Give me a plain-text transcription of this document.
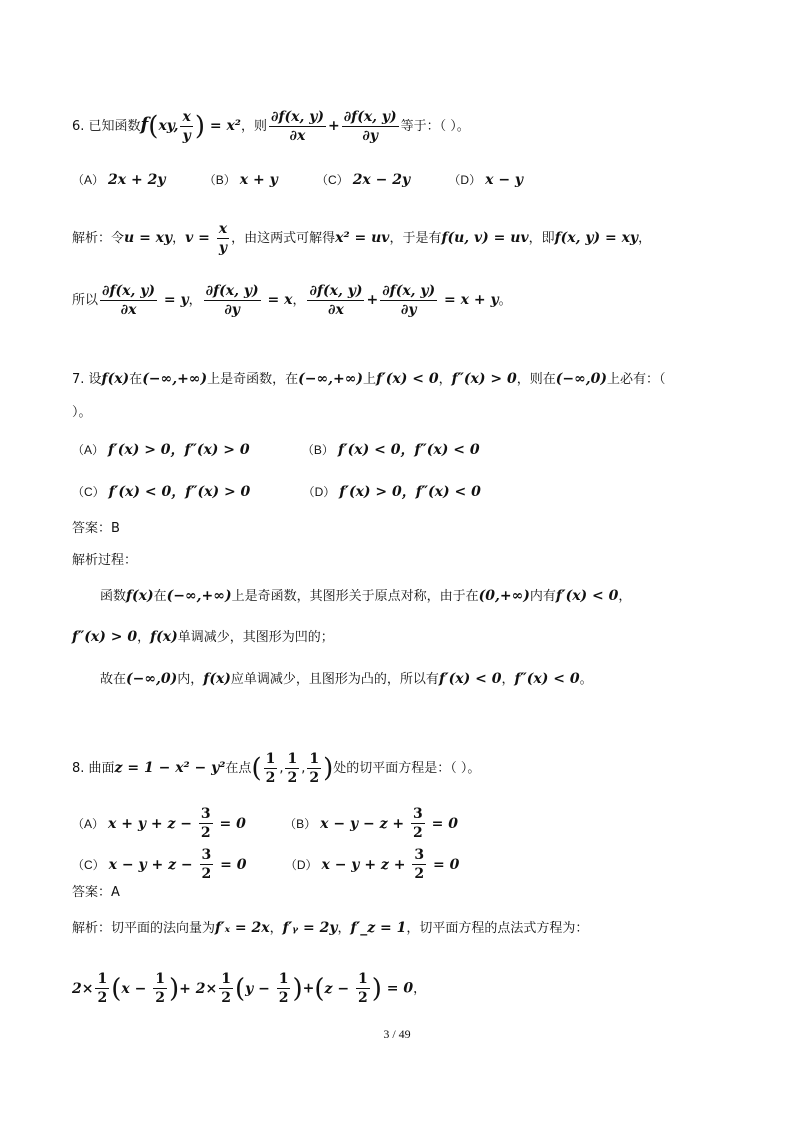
6. 已知函数f(xy, $\frac{x}{y}$ ) = x²，则 $\frac{\partial f(x, y)}{\partial x} + \frac{\partial f(x, y)}{\partial y}$ 等于：（ ）。
（A） 2x + 2y	（B） x + y	（C） 2x − 2y	（D） x − y
解析：令u = xy，$v = \frac{x}{y}$ ，由这两式可解得x² = uv，于是有f(u, v) = uv，即f(x, y) = xy，
所以 $\frac{\partial f(x, y)}{\partial x} = y$， $\frac{\partial f(x, y)}{\partial y} = x$， $\frac{\partial f(x, y)}{\partial x} + \frac{\partial f(x, y)}{\partial y} = x + y$。
7. 设f(x)在(−∞,+∞)上是奇函数，在(−∞,+∞)上f′(x) < 0，f″(x) > 0，则在(−∞,0)上必有：（
）。
（A） f′(x) > 0，f″(x) > 0	（B） f′(x) < 0，f″(x) < 0
（C） f′(x) < 0，f″(x) > 0	（D） f′(x) > 0，f″(x) < 0
答案：B
解析过程：
函数f(x)在(−∞,+∞)上是奇函数，其图形关于原点对称，由于在(0,+∞)内有f′(x) < 0，
f″(x) > 0，f(x)单调减少，其图形为凹的；
故在(−∞,0)内，f(x)应单调减少，且图形为凸的，所以有f′(x) < 0，f″(x) < 0。
8. 曲面z = 1 − x² − y²在点( $\frac{1}{2}$ , $\frac{1}{2}$ , $\frac{1}{2}$ )处的切平面方程是：（ ）。
（A） $x + y + z - \frac{3}{2} = 0$	（B） $x - y - z + \frac{3}{2} = 0$
（C） $x - y + z - \frac{3}{2} = 0$	（D） $x - y + z + \frac{3}{2} = 0$
答案：A
解析：切平面的法向量为f′ₓ = 2x，f′ᵧ = 2y，f′_z = 1，切平面方程的点法式方程为：
$2\times \frac{1}{2} (x - \frac{1}{2}$ )+ $2\times \frac{1}{2} (y - \frac{1}{2} )+(z - \frac{1}{2}$ ) = 0，
3 / 49
